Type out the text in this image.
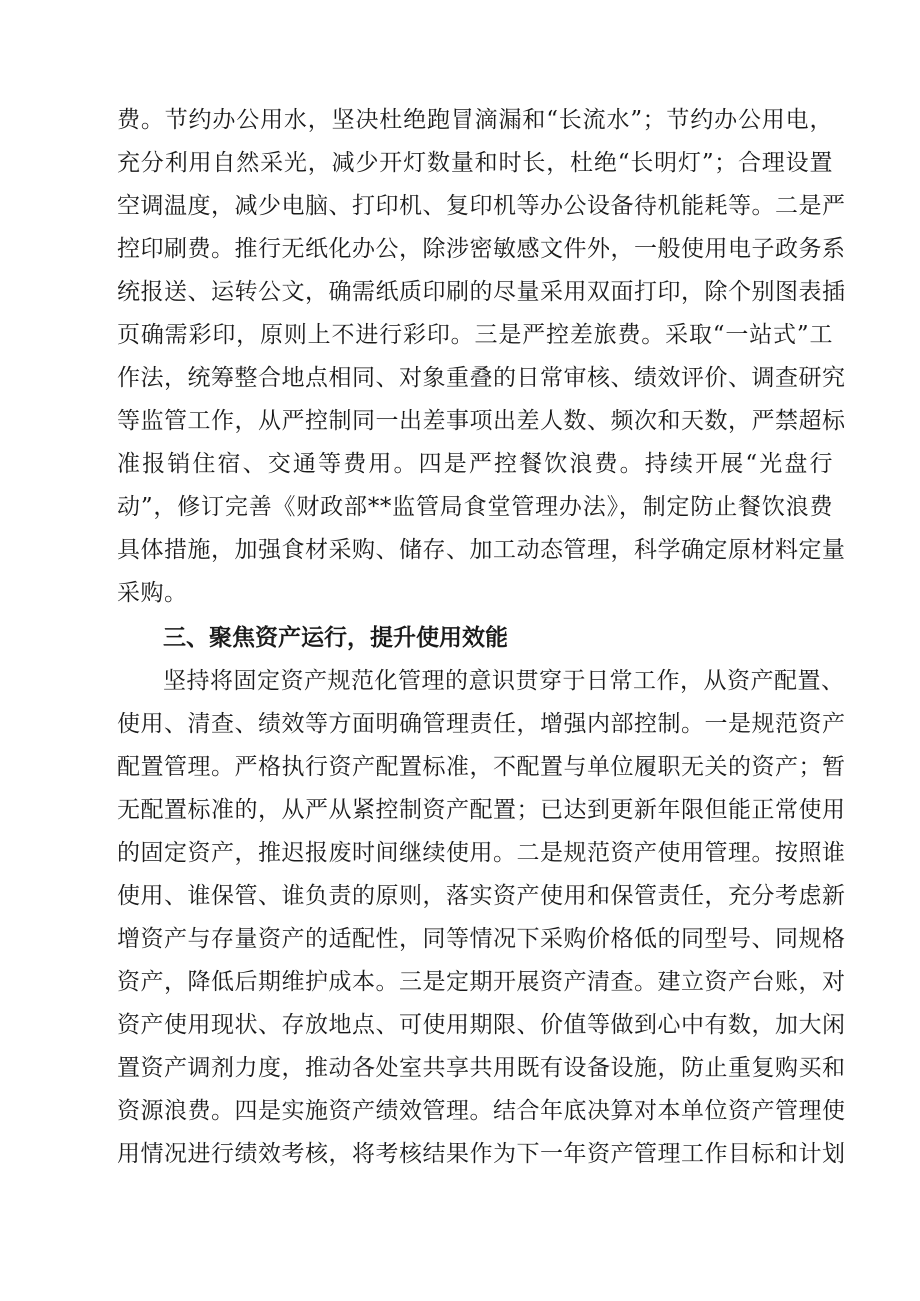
费。节约办公用水，坚决杜绝跑冒滴漏和“长流水”；节约办公用电，
充分利用自然采光，减少开灯数量和时长，杜绝“长明灯”；合理设置
空调温度，减少电脑、打印机、复印机等办公设备待机能耗等。二是严
控印刷费。推行无纸化办公，除涉密敏感文件外，一般使用电子政务系
统报送、运转公文，确需纸质印刷的尽量采用双面打印，除个别图表插
页确需彩印，原则上不进行彩印。三是严控差旅费。采取“一站式”工
作法，统筹整合地点相同、对象重叠的日常审核、绩效评价、调查研究
等监管工作，从严控制同一出差事项出差人数、频次和天数，严禁超标
准报销住宿、交通等费用。四是严控餐饮浪费。持续开展“光盘行
动”，修订完善《财政部**监管局食堂管理办法》，制定防止餐饮浪费
具体措施，加强食材采购、储存、加工动态管理，科学确定原材料定量
采购。
三、聚焦资产运行，提升使用效能
坚持将固定资产规范化管理的意识贯穿于日常工作，从资产配置、
使用、清查、绩效等方面明确管理责任，增强内部控制。一是规范资产
配置管理。严格执行资产配置标准，不配置与单位履职无关的资产；暂
无配置标准的，从严从紧控制资产配置；已达到更新年限但能正常使用
的固定资产，推迟报废时间继续使用。二是规范资产使用管理。按照谁
使用、谁保管、谁负责的原则，落实资产使用和保管责任，充分考虑新
增资产与存量资产的适配性，同等情况下采购价格低的同型号、同规格
资产，降低后期维护成本。三是定期开展资产清查。建立资产台账，对
资产使用现状、存放地点、可使用期限、价值等做到心中有数，加大闲
置资产调剂力度，推动各处室共享共用既有设备设施，防止重复购买和
资源浪费。四是实施资产绩效管理。结合年底决算对本单位资产管理使
用情况进行绩效考核，将考核结果作为下一年资产管理工作目标和计划
